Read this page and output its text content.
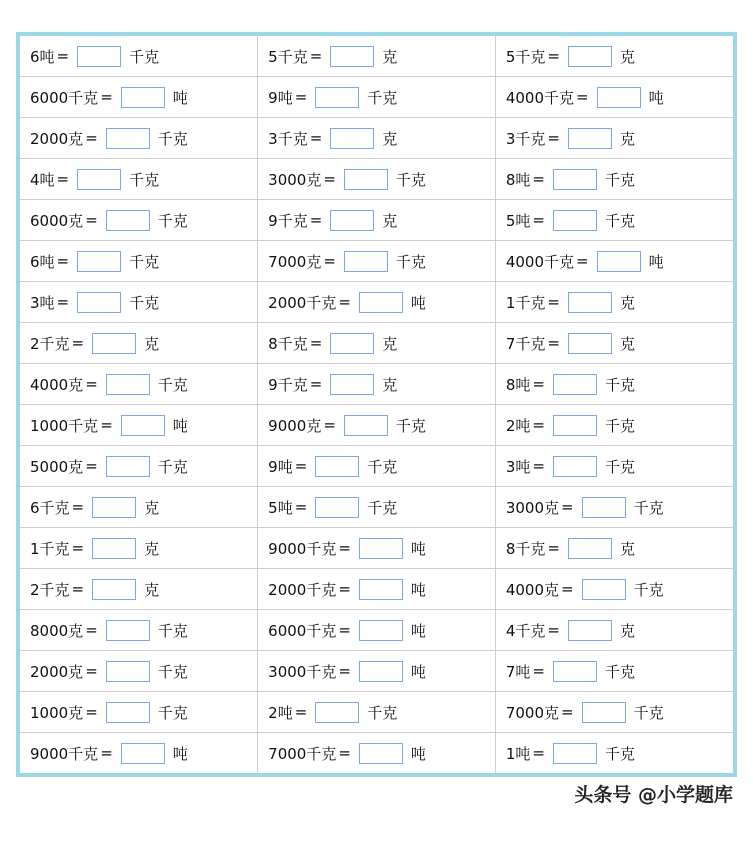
6吨 = 千克	5千克 = 克	5千克 = 克
6000千克 = 吨	9吨 = 千克	4000千克 = 吨
2000克 = 千克	3千克 = 克	3千克 = 克
4吨 = 千克	3000克 = 千克	8吨 = 千克
6000克 = 千克	9千克 = 克	5吨 = 千克
6吨 = 千克	7000克 = 千克	4000千克 = 吨
3吨 = 千克	2000千克 = 吨	1千克 = 克
2千克 = 克	8千克 = 克	7千克 = 克
4000克 = 千克	9千克 = 克	8吨 = 千克
1000千克 = 吨	9000克 = 千克	2吨 = 千克
5000克 = 千克	9吨 = 千克	3吨 = 千克
6千克 = 克	5吨 = 千克	3000克 = 千克
1千克 = 克	9000千克 = 吨	8千克 = 克
2千克 = 克	2000千克 = 吨	4000克 = 千克
8000克 = 千克	6000千克 = 吨	4千克 = 克
2000克 = 千克	3000千克 = 吨	7吨 = 千克
1000克 = 千克	2吨 = 千克	7000克 = 千克
9000千克 = 吨	7000千克 = 吨	1吨 = 千克
头条号 @小学题库
